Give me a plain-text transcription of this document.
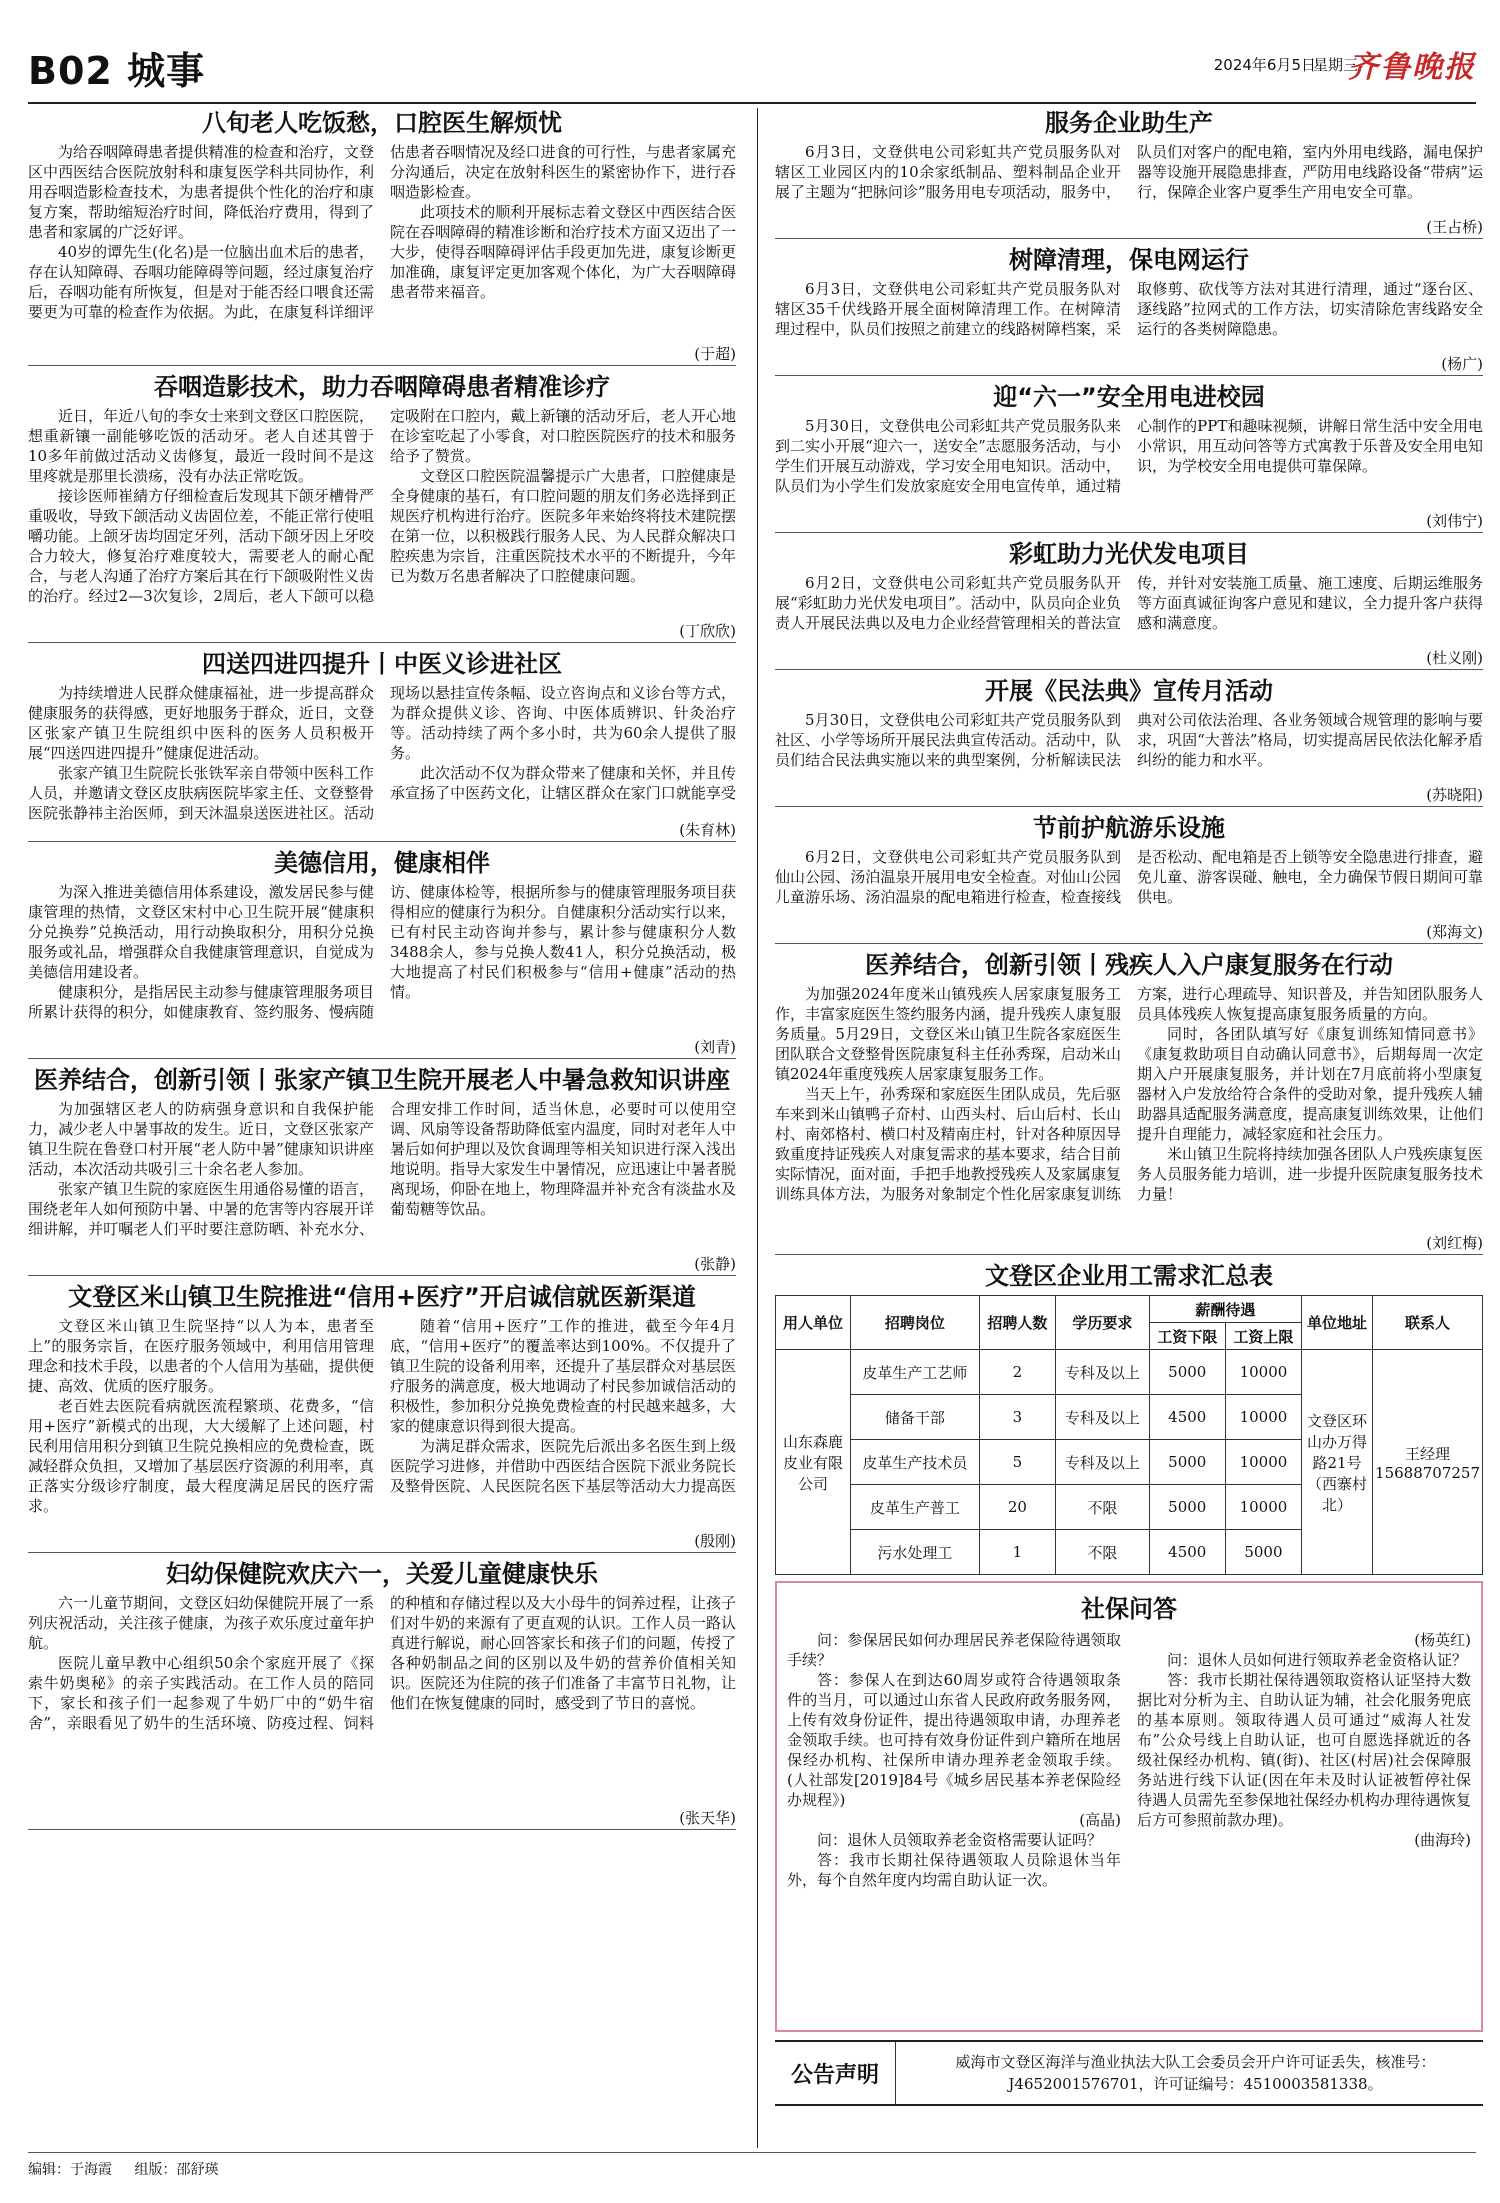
B02 城事	2024年6月5日
星期三
齐鲁晚报
八旬老人吃饭愁，口腔医生解烦忧

为给吞咽障碍患者提供精准的检查和治疗，文登区中西医结合医院放射科和康复医学科共同协作，利用吞咽造影检查技术，为患者提供个性化的治疗和康复方案，帮助缩短治疗时间，降低治疗费用，得到了患者和家属的广泛好评。

40岁的谭先生(化名)是一位脑出血术后的患者，存在认知障碍、吞咽功能障碍等问题，经过康复治疗后，吞咽功能有所恢复，但是对于能否经口喂食还需要更为可靠的检查作为依据。为此，在康复科详细评估患者吞咽情况及经口进食的可行性，与患者家属充分沟通后，决定在放射科医生的紧密协作下，进行吞咽造影检查。

此项技术的顺利开展标志着文登区中西医结合医院在吞咽障碍的精准诊断和治疗技术方面又迈出了一大步，使得吞咽障碍评估手段更加先进，康复诊断更加准确，康复评定更加客观个体化，为广大吞咽障碍患者带来福音。

(于超)
吞咽造影技术，助力吞咽障碍患者精准诊疗

近日，年近八旬的李女士来到文登区口腔医院，想重新镶一副能够吃饭的活动牙。老人自述其曾于10多年前做过活动义齿修复，最近一段时间不是这里疼就是那里长溃疡，没有办法正常吃饭。

接诊医师崔綪方仔细检查后发现其下颌牙槽骨严重吸收，导致下颌活动义齿固位差，不能正常行使咀嚼功能。上颌牙齿均固定牙列，活动下颌牙因上牙咬合力较大，修复治疗难度较大，需要老人的耐心配合，与老人沟通了治疗方案后其在行下颌吸附性义齿的治疗。经过2—3次复诊，2周后，老人下颌可以稳定吸附在口腔内，戴上新镶的活动牙后，老人开心地在诊室吃起了小零食，对口腔医院医疗的技术和服务给予了赞赏。

文登区口腔医院温馨提示广大患者，口腔健康是全身健康的基石，有口腔问题的朋友们务必选择到正规医疗机构进行治疗。医院多年来始终将技术建院摆在第一位，以积极践行服务人民、为人民群众解决口腔疾患为宗旨，注重医院技术水平的不断提升，今年已为数万名患者解决了口腔健康问题。

(丁欣欣)
四送四进四提升丨中医义诊进社区

为持续增进人民群众健康福祉，进一步提高群众健康服务的获得感，更好地服务于群众，近日，文登区张家产镇卫生院组织中医科的医务人员积极开展“四送四进四提升”健康促进活动。

张家产镇卫生院院长张铁军亲自带领中医科工作人员，并邀请文登区皮肤病医院毕家主任、文登整骨医院张静祎主治医师，到天沐温泉送医进社区。活动现场以悬挂宣传条幅、设立咨询点和义诊台等方式，为群众提供义诊、咨询、中医体质辨识、针灸治疗等。活动持续了两个多小时，共为60余人提供了服务。

此次活动不仅为群众带来了健康和关怀，并且传承宣扬了中医药文化，让辖区群众在家门口就能享受

(朱育林)
美德信用，健康相伴

为深入推进美德信用体系建设，激发居民参与健康管理的热情，文登区宋村中心卫生院开展“健康积分兑换券”兑换活动，用行动换取积分，用积分兑换服务或礼品，增强群众自我健康管理意识，自觉成为美德信用建设者。

健康积分，是指居民主动参与健康管理服务项目所累计获得的积分，如健康教育、签约服务、慢病随访、健康体检等，根据所参与的健康管理服务项目获得相应的健康行为积分。自健康积分活动实行以来，已有村民主动咨询并参与，累计参与健康积分人数3488余人，参与兑换人数41人，积分兑换活动，极大地提高了村民们积极参与“信用+健康”活动的热情。

(刘青)
医养结合，创新引领丨张家产镇卫生院开展老人中暑急救知识讲座

为加强辖区老人的防病强身意识和自我保护能力，减少老人中暑事故的发生。近日，文登区张家产镇卫生院在鲁登口村开展“老人防中暑”健康知识讲座活动，本次活动共吸引三十余名老人参加。

张家产镇卫生院的家庭医生用通俗易懂的语言，围绕老年人如何预防中暑、中暑的危害等内容展开详细讲解，并叮嘱老人们平时要注意防晒、补充水分、合理安排工作时间，适当休息，必要时可以使用空调、风扇等设备帮助降低室内温度，同时对老年人中暑后如何护理以及饮食调理等相关知识进行深入浅出地说明。指导大家发生中暑情况，应迅速让中暑者脱离现场，仰卧在地上，物理降温并补充含有淡盐水及葡萄糖等饮品。

(张静)
文登区米山镇卫生院推进“信用+医疗”开启诚信就医新渠道

文登区米山镇卫生院坚持“以人为本，患者至上”的服务宗旨，在医疗服务领域中，利用信用管理理念和技术手段，以患者的个人信用为基础，提供便捷、高效、优质的医疗服务。

老百姓去医院看病就医流程繁琐、花费多，“信用+医疗”新模式的出现，大大缓解了上述问题，村民利用信用积分到镇卫生院兑换相应的免费检查，既减轻群众负担，又增加了基层医疗资源的利用率，真正落实分级诊疗制度，最大程度满足居民的医疗需求。

随着“信用+医疗”工作的推进，截至今年4月底，“信用+医疗”的覆盖率达到100%。不仅提升了镇卫生院的设备利用率，还提升了基层群众对基层医疗服务的满意度，极大地调动了村民参加诚信活动的积极性，参加积分兑换免费检查的村民越来越多，大家的健康意识得到很大提高。

为满足群众需求，医院先后派出多名医生到上级医院学习进修，并借助中西医结合医院下派业务院长及整骨医院、人民医院名医下基层等活动大力提高医

(殷刚)
妇幼保健院欢庆六一，关爱儿童健康快乐

六一儿童节期间，文登区妇幼保健院开展了一系列庆祝活动，关注孩子健康，为孩子欢乐度过童年护航。

医院儿童早教中心组织50余个家庭开展了《探索牛奶奥秘》的亲子实践活动。在工作人员的陪同下，家长和孩子们一起参观了牛奶厂中的“奶牛宿舍”，亲眼看见了奶牛的生活环境、防疫过程、饲料的种植和存储过程以及大小母牛的饲养过程，让孩子们对牛奶的来源有了更直观的认识。工作人员一路认真进行解说，耐心回答家长和孩子们的问题，传授了各种奶制品之间的区别以及牛奶的营养价值相关知识。医院还为住院的孩子们准备了丰富节日礼物，让他们在恢复健康的同时，感受到了节日的喜悦。

(张天华)
服务企业助生产

6月3日，文登供电公司彩虹共产党员服务队对辖区工业园区内的10余家纸制品、塑料制品企业开展了主题为“把脉问诊”服务用电专项活动，服务中，队员们对客户的配电箱，室内外用电线路，漏电保护器等设施开展隐患排查，严防用电线路设备“带病”运行，保障企业客户夏季生产用电安全可靠。

(王占桥)
树障清理，保电网运行

6月3日，文登供电公司彩虹共产党员服务队对辖区35千伏线路开展全面树障清理工作。在树障清理过程中，队员们按照之前建立的线路树障档案，采取修剪、砍伐等方法对其进行清理，通过“逐台区、逐线路”拉网式的工作方法，切实清除危害线路安全运行的各类树障隐患。

(杨广)
迎“六一”安全用电进校园

5月30日，文登供电公司彩虹共产党员服务队来到二实小开展“迎六一，送安全”志愿服务活动，与小学生们开展互动游戏，学习安全用电知识。活动中，队员们为小学生们发放家庭安全用电宣传单，通过精心制作的PPT和趣味视频，讲解日常生活中安全用电小常识，用互动问答等方式寓教于乐普及安全用电知识，为学校安全用电提供可靠保障。

(刘伟宁)
彩虹助力光伏发电项目

6月2日，文登供电公司彩虹共产党员服务队开展“彩虹助力光伏发电项目”。活动中，队员向企业负责人开展民法典以及电力企业经营管理相关的普法宣传，并针对安装施工质量、施工速度、后期运维服务等方面真诚征询客户意见和建议，全力提升客户获得感和满意度。

(杜义刚)
开展《民法典》宣传月活动

5月30日，文登供电公司彩虹共产党员服务队到社区、小学等场所开展民法典宣传活动。活动中，队员们结合民法典实施以来的典型案例，分析解读民法典对公司依法治理、各业务领域合规管理的影响与要求，巩固“大普法”格局，切实提高居民依法化解矛盾纠纷的能力和水平。

(苏晓阳)
节前护航游乐设施

6月2日，文登供电公司彩虹共产党员服务队到仙山公园、汤泊温泉开展用电安全检查。对仙山公园儿童游乐场、汤泊温泉的配电箱进行检查，检查接线是否松动、配电箱是否上锁等安全隐患进行排查，避免儿童、游客误碰、触电，全力确保节假日期间可靠供电。

(郑海文)
医养结合，创新引领丨残疾人入户康复服务在行动

为加强2024年度米山镇残疾人居家康复服务工作，丰富家庭医生签约服务内涵，提升残疾人康复服务质量。5月29日，文登区米山镇卫生院各家庭医生团队联合文登整骨医院康复科主任孙秀琛，启动米山镇2024年重度残疾人居家康复服务工作。

当天上午，孙秀琛和家庭医生团队成员，先后驱车来到米山镇鸭子夼村、山西头村、后山后村、长山村、南郊格村、横口村及精南庄村，针对各种原因导致重度持证残疾人对康复需求的基本要求，结合目前实际情况，面对面，手把手地教授残疾人及家属康复训练具体方法，为服务对象制定个性化居家康复训练方案，进行心理疏导、知识普及，并告知团队服务人员具体残疾人恢复提高康复服务质量的方向。

同时，各团队填写好《康复训练知情同意书》《康复救助项目自动确认同意书》，后期每周一次定期入户开展康复服务，并计划在7月底前将小型康复器材入户发放给符合条件的受助对象，提升残疾人辅助器具适配服务满意度，提高康复训练效果，让他们提升自理能力，减轻家庭和社会压力。

米山镇卫生院将持续加强各团队人户残疾康复医务人员服务能力培训，进一步提升医院康复服务技术力量！

(刘红梅)
文登区企业用工需求汇总表
用人单位	招聘岗位	招聘人数	学历要求	薪酬待遇		单位地址	联系人
				工资下限	工资上限		
山东森鹿皮业有限公司	皮革生产工艺师	2	专科及以上	5000	10000	文登区环山办万得路21号（西寨村北）	王经理 15688707257
	储备干部	3	专科及以上	4500	10000		
	皮革生产技术员	5	专科及以上	5000	10000		
	皮革生产普工	20	不限	5000	10000		
	污水处理工	1	不限	4500	5000		
社保问答

问：参保居民如何办理居民养老保险待遇领取手续？

答：参保人在到达60周岁或符合待遇领取条件的当月，可以通过山东省人民政府政务服务网，上传有效身份证件，提出待遇领取申请，办理养老金领取手续。也可持有效身份证件到户籍所在地居保经办机构、社保所申请办理养老金领取手续。(人社部发[2019]84号《城乡居民基本养老保险经办规程》)

(高晶)

问：退休人员领取养老金资格需要认证吗？

答：我市长期社保待遇领取人员除退休当年外，每个自然年度内均需自助认证一次。

(杨英红)

问：退休人员如何进行领取养老金资格认证？

答：我市长期社保待遇领取资格认证坚持大数据比对分析为主、自助认证为辅，社会化服务兜底的基本原则。领取待遇人员可通过“威海人社发布”公众号线上自助认证，也可自愿选择就近的各级社保经办机构、镇(街)、社区(村居)社会保障服务站进行线下认证(因在年未及时认证被暂停社保待遇人员需先至参保地社保经办机构办理待遇恢复后方可参照前款办理)。

(曲海玲)

公告声明
威海市文登区海洋与渔业执法大队工会委员会开户许可证丢失，核准号：J4652001576701，许可证编号：4510003581338。
编辑：于海霞 组版：邵舒瑛
